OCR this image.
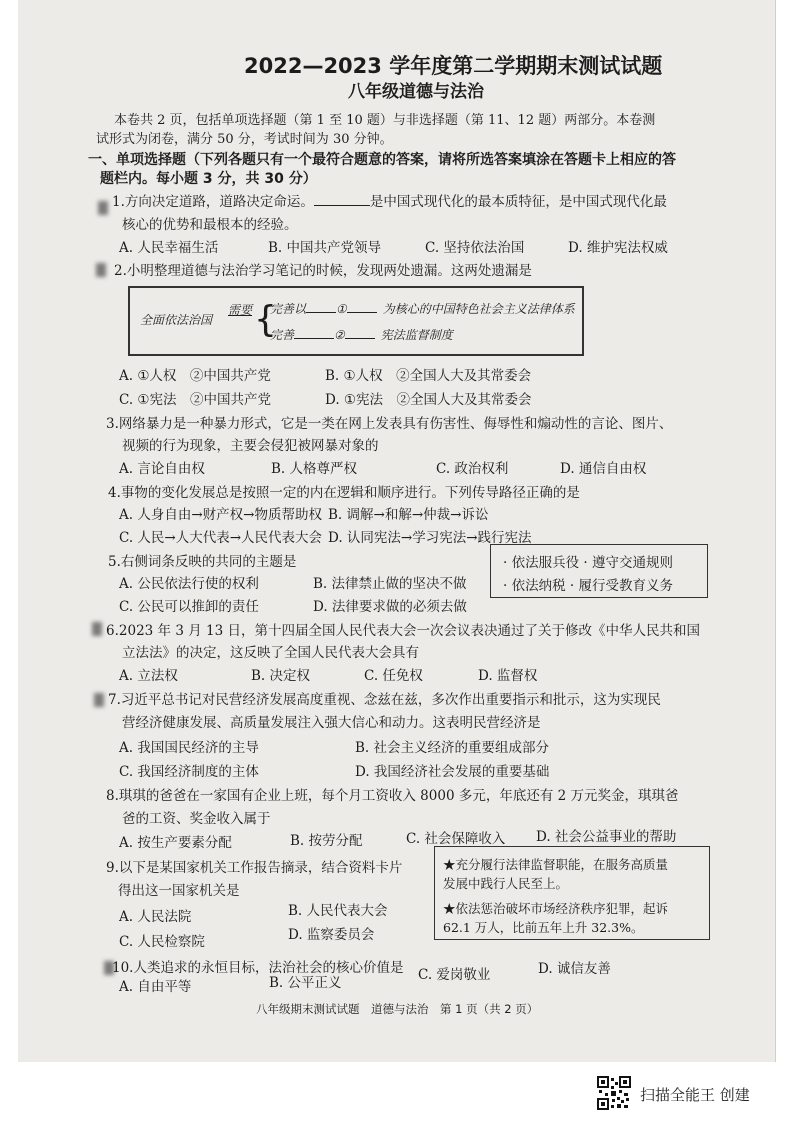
2022—2023 学年度第二学期期末测试试题
八年级道德与法治
本卷共 2 页，包括单项选择题（第 1 至 10 题）与非选择题（第 11、12 题）两部分。本卷测
试形式为闭卷，满分 50 分，考试时间为 30 分钟。
一、单项选择题（下列各题只有一个最符合题意的答案，请将所选答案填涂在答题卡上相应的答
题栏内。每小题 3 分，共 30 分）
1.方向决定道路，道路决定命运。	是中国式现代化的最本质特征，是中国式现代化最
核心的优势和最根本的经验。
A. 人民幸福生活	B. 中国共产党领导	C. 坚持依法治国	D. 维护宪法权威
2.小明整理道德与法治学习笔记的时候，发现两处遗漏。这两处遗漏是
全面依法治国
需要 {
完善以	①	为核心的中国特色社会主义法律体系
完善	②	宪法监督制度
A. ①人权　②中国共产党	B. ①人权　②全国人大及其常委会
C. ①宪法　②中国共产党	D. ①宪法　②全国人大及其常委会
3.网络暴力是一种暴力形式，它是一类在网上发表具有伤害性、侮辱性和煽动性的言论、图片、
视频的行为现象，主要会侵犯被网暴对象的
A. 言论自由权	B. 人格尊严权	C. 政治权利	D. 通信自由权
4.事物的变化发展总是按照一定的内在逻辑和顺序进行。下列传导路径正确的是
A. 人身自由→财产权→物质帮助权 B. 调解→和解→仲裁→诉讼
C. 人民→人大代表→人民代表大会 D. 认同宪法→学习宪法→践行宪法
5.右侧词条反映的共同的主题是	· 依法服兵役 · 遵守交通规则
· 依法纳税 · 履行受教育义务
A. 公民依法行使的权利	B. 法律禁止做的坚决不做
C. 公民可以推卸的责任	D. 法律要求做的必须去做
6.2023 年 3 月 13 日，第十四届全国人民代表大会一次会议表决通过了关于修改《中华人民共和国
立法法》的决定，这反映了全国人民代表大会具有
A. 立法权	B. 决定权	C. 任免权	D. 监督权
7.习近平总书记对民营经济发展高度重视、念兹在兹，多次作出重要指示和批示，这为实现民
营经济健康发展、高质量发展注入强大信心和动力。这表明民营经济是
A. 我国国民经济的主导	B. 社会主义经济的重要组成部分
C. 我国经济制度的主体	D. 我国经济社会发展的重要基础
8.琪琪的爸爸在一家国有企业上班，每个月工资收入 8000 多元，年底还有 2 万元奖金，琪琪爸
爸的工资、奖金收入属于
A. 按生产要素分配	B. 按劳分配	C. 社会保障收入 D. 社会公益事业的帮助
9.以下是某国家机关工作报告摘录，结合资料卡片
得出这一国家机关是
★充分履行法律监督职能，在服务高质量
发展中践行人民至上。
★依法惩治破坏市场经济秩序犯罪，起诉
62.1 万人，比前五年上升 32.3%。
A. 人民法院	B. 人民代表大会
C. 人民检察院	D. 监察委员会
10.人类追求的永恒目标，法治社会的核心价值是
A. 自由平等	B. 公平正义	C. 爱岗敬业	D. 诚信友善
八年级期末测试试题　道德与法治　第 1 页（共 2 页）
扫描全能王 创建
